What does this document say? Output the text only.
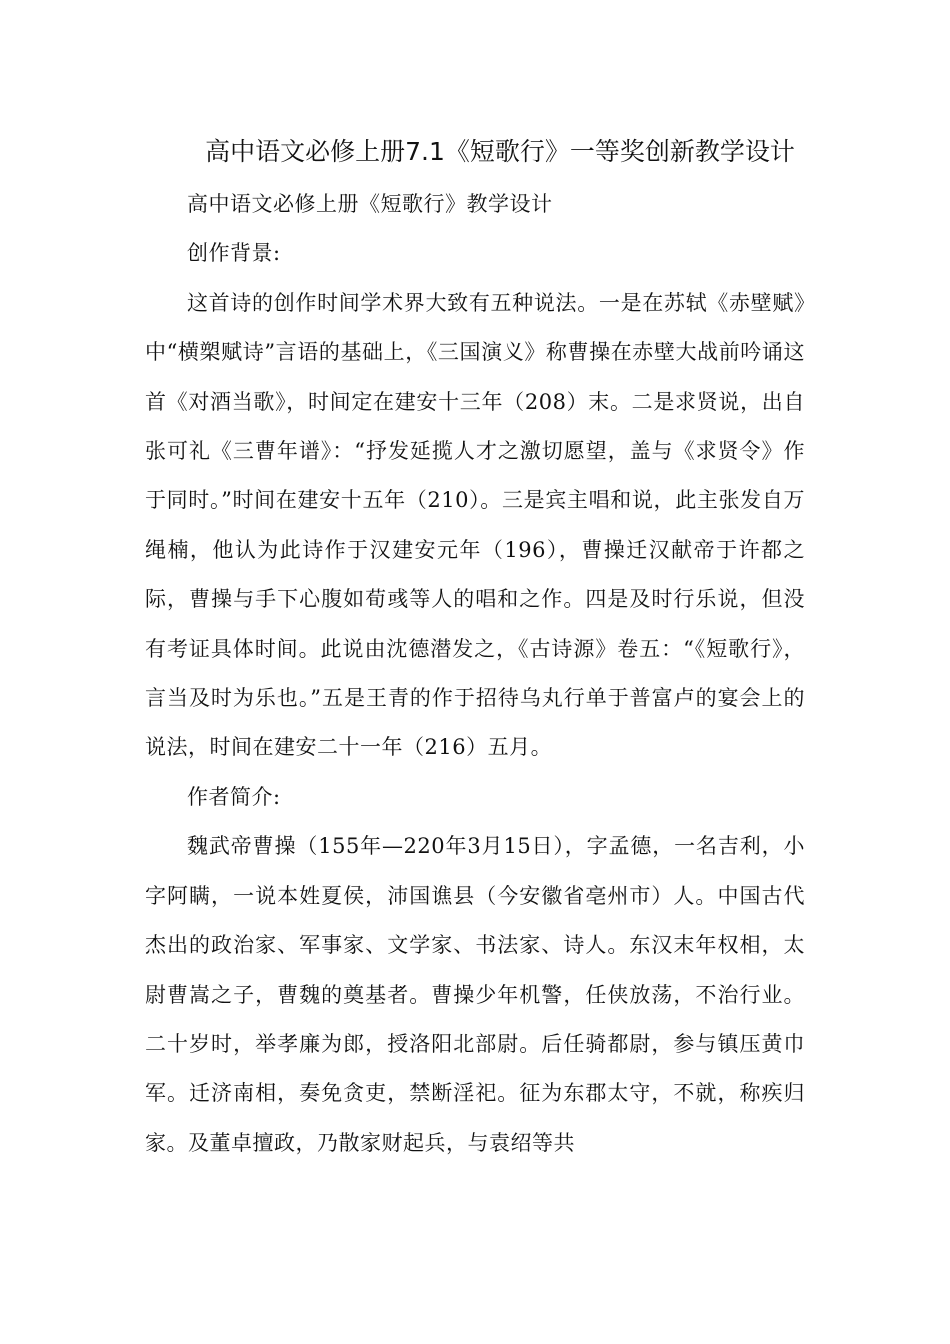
高中语文必修上册7.1《短歌行》一等奖创新教学设计

高中语文必修上册《短歌行》教学设计

创作背景:

这首诗的创作时间学术界大致有五种说法。一是在苏轼《赤壁赋》中“横槊赋诗”言语的基础上，《三国演义》称曹操在赤壁大战前吟诵这首《对酒当歌》，时间定在建安十三年（208）末。二是求贤说，出自张可礼《三曹年谱》：“抒发延揽人才之激切愿望，盖与《求贤令》作于同时。”时间在建安十五年（210）。三是宾主唱和说，此主张发自万绳楠，他认为此诗作于汉建安元年（196），曹操迁汉献帝于许都之际，曹操与手下心腹如荀彧等人的唱和之作。四是及时行乐说，但没有考证具体时间。此说由沈德潜发之，《古诗源》卷五：“《短歌行》，言当及时为乐也。”五是王青的作于招待乌丸行单于普富卢的宴会上的说法，时间在建安二十一年（216）五月。

作者简介:

魏武帝曹操（155年—220年3月15日），字孟德，一名吉利，小字阿瞒，一说本姓夏侯，沛国谯县（今安徽省亳州市）人。中国古代杰出的政治家、军事家、文学家、书法家、诗人。东汉末年权相，太尉曹嵩之子，曹魏的奠基者。曹操少年机警，任侠放荡，不治行业。二十岁时，举孝廉为郎，授洛阳北部尉。后任骑都尉，参与镇压黄巾军。迁济南相，奏免贪吏，禁断淫祀。征为东郡太守，不就，称疾归家。及董卓擅政，乃散家财起兵，与袁绍等共
